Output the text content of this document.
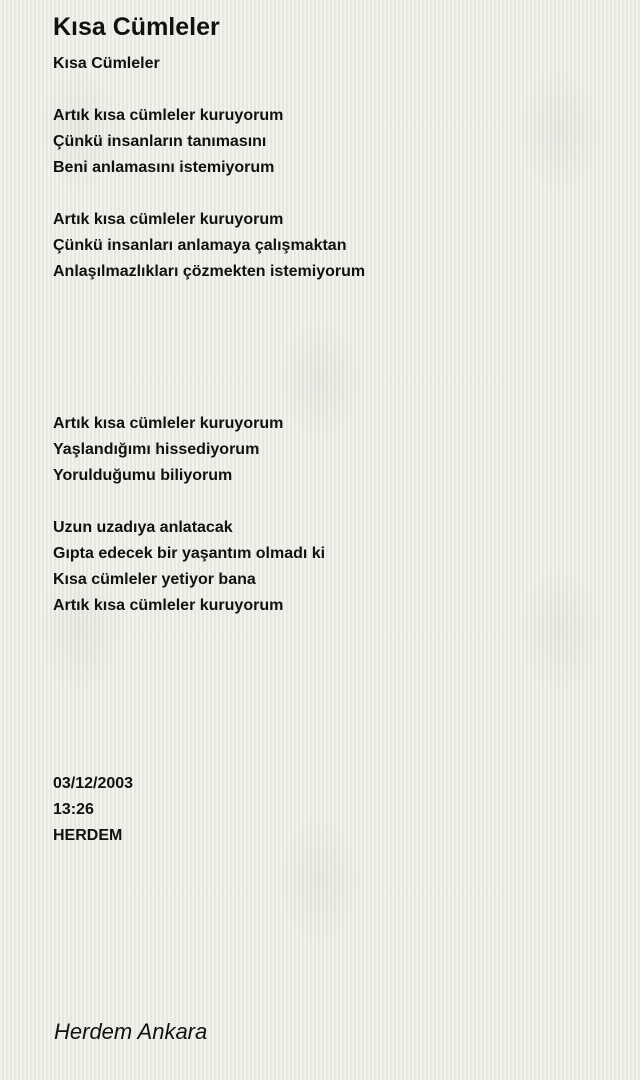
Kısa Cümleler
Kısa Cümleler
Artık kısa cümleler kuruyorum
Çünkü insanların tanımasını
Beni anlamasını istemiyorum
Artık kısa cümleler kuruyorum
Çünkü insanları anlamaya çalışmaktan
Anlaşılmazlıkları çözmekten istemiyorum
Artık kısa cümleler kuruyorum
Yaşlandığımı hissediyorum
Yorulduğumu biliyorum
Uzun uzadıya anlatacak
Gıpta edecek bir yaşantım olmadı ki
Kısa cümleler yetiyor bana
Artık kısa cümleler kuruyorum
03/12/2003
13:26
HERDEM
Herdem Ankara
